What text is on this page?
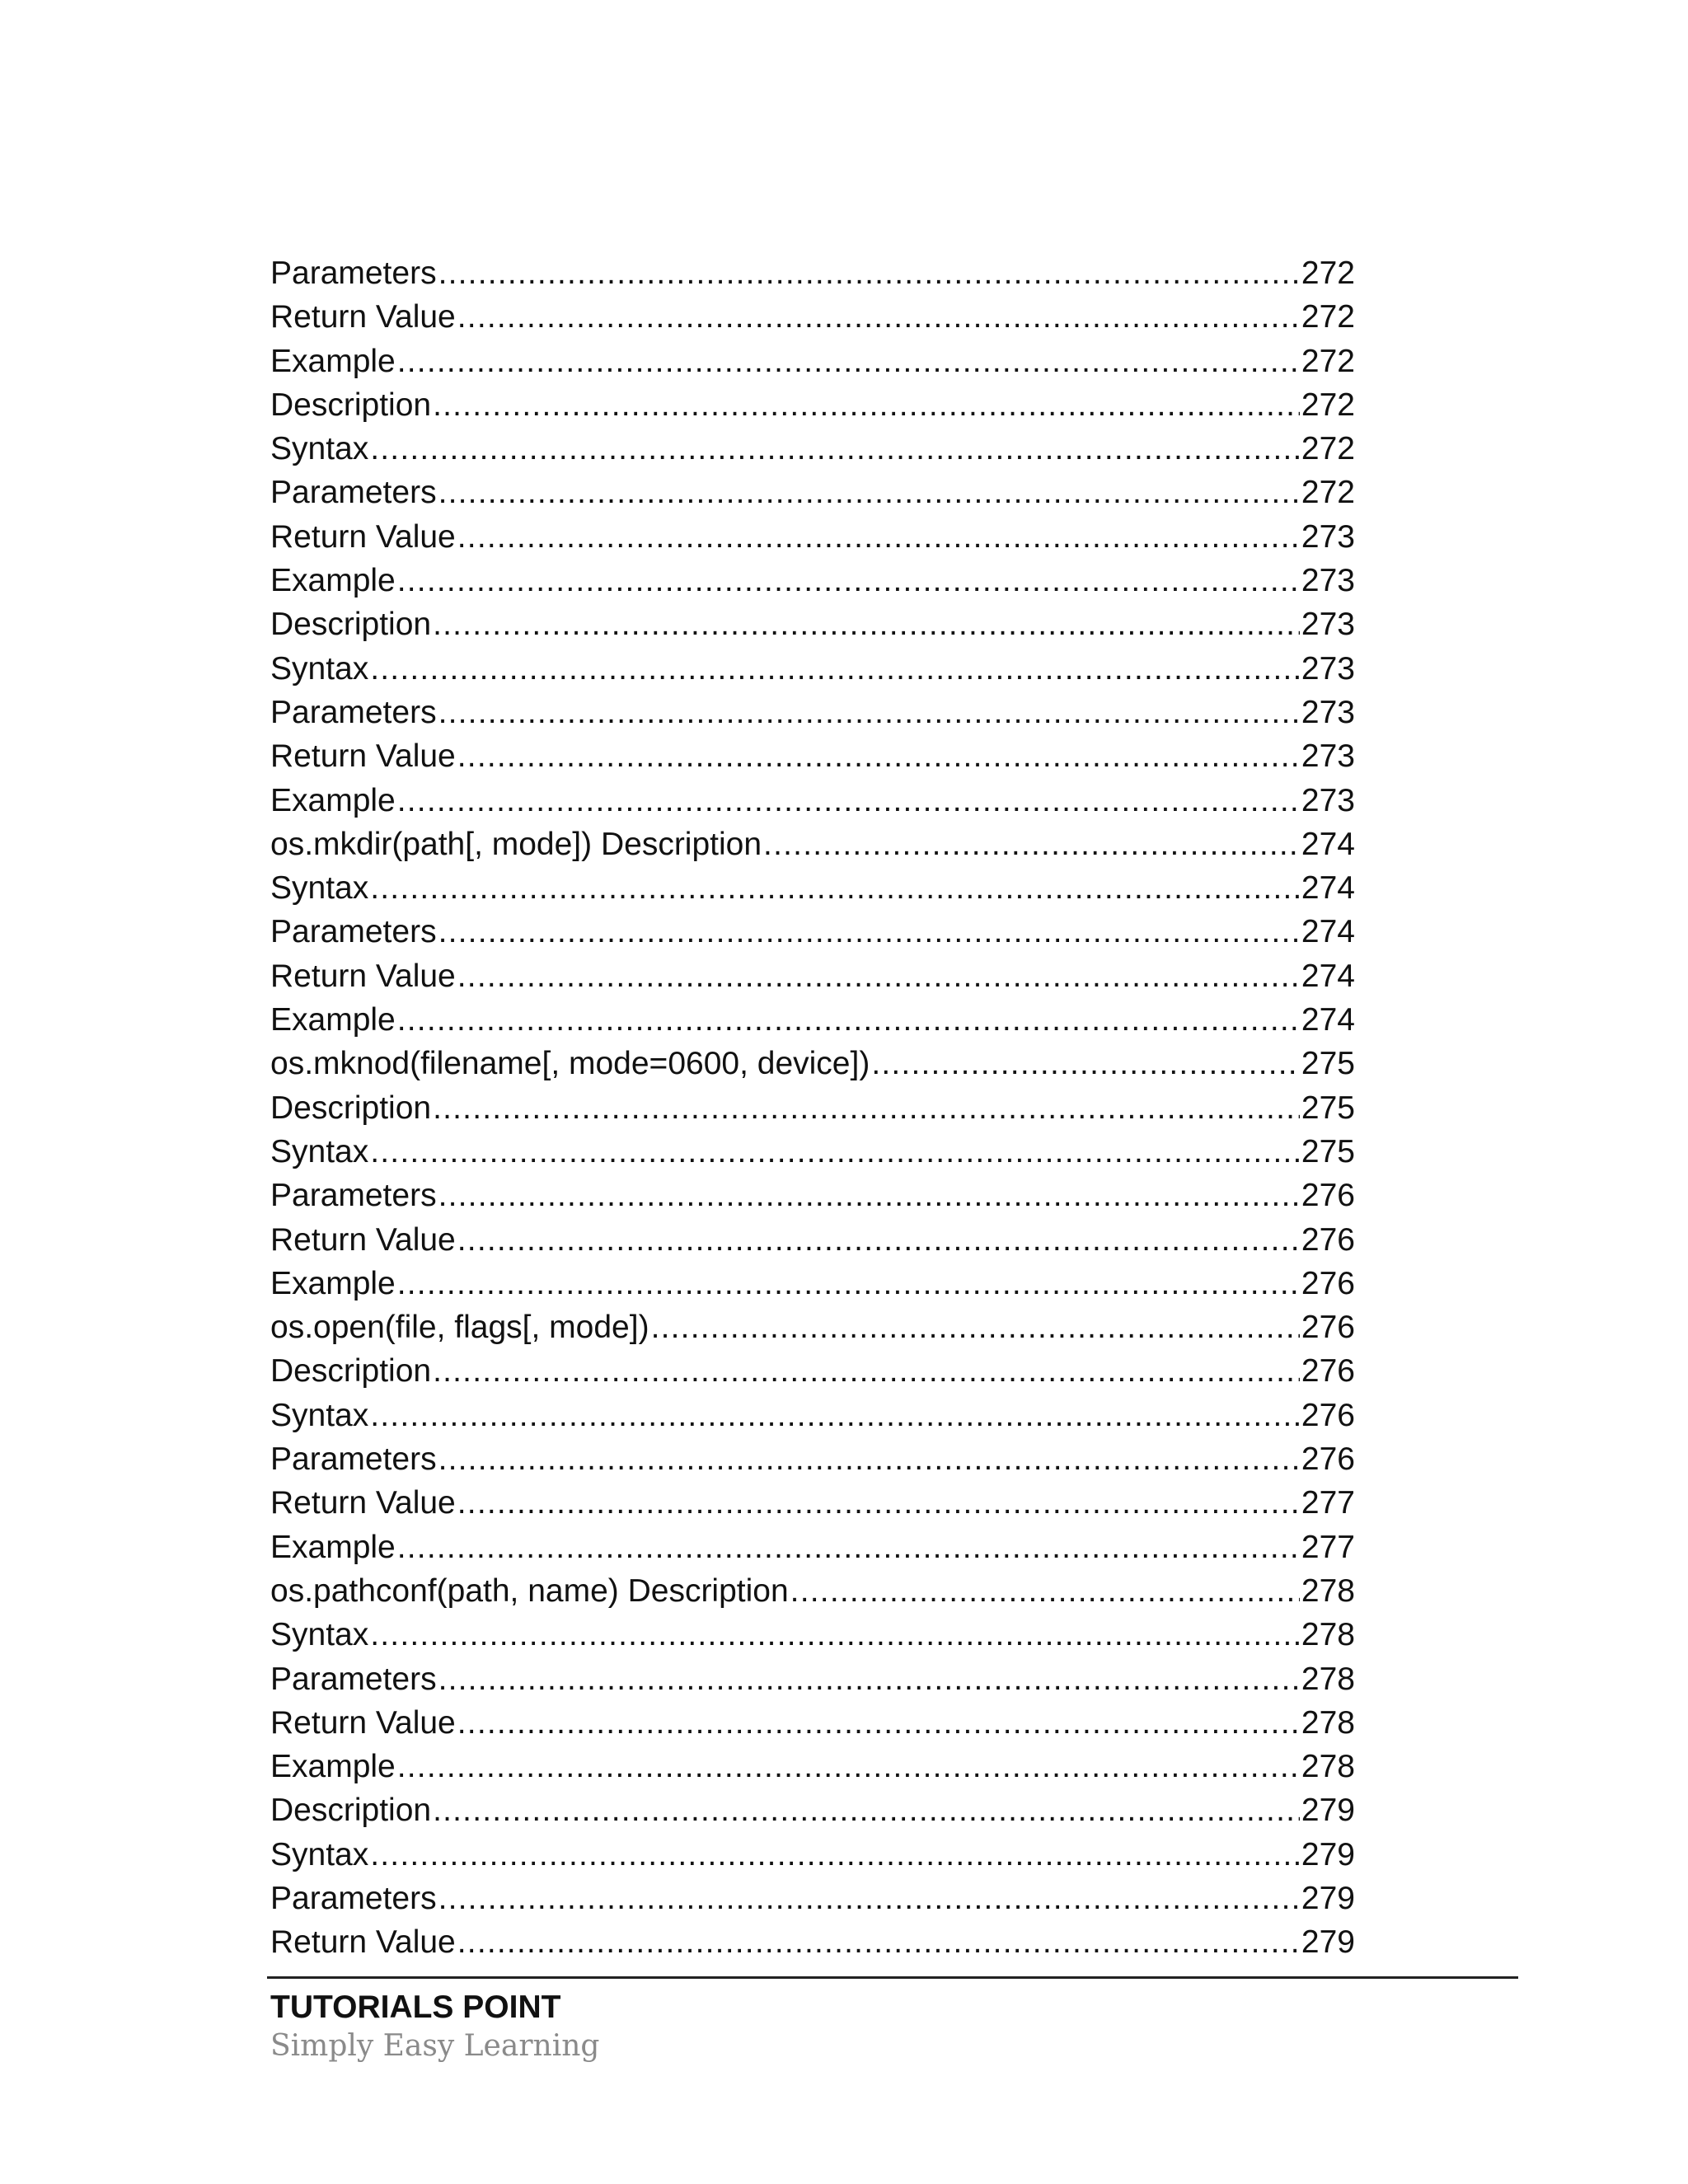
Parameters .....	272
Return Value .....	272
Example .....	272
Description .....	272
Syntax .....	272
Parameters .....	272
Return Value .....	273
Example .....	273
Description .....	273
Syntax .....	273
Parameters .....	273
Return Value .....	273
Example .....	273
os.mkdir(path[, mode]) Description .....	274
Syntax .....	274
Parameters .....	274
Return Value .....	274
Example .....	274
os.mknod(filename[, mode=0600, device]) .....	275
Description .....	275
Syntax .....	275
Parameters .....	276
Return Value .....	276
Example .....	276
os.open(file, flags[, mode]) .....	276
Description .....	276
Syntax .....	276
Parameters .....	276
Return Value .....	277
Example .....	277
os.pathconf(path, name) Description .....	278
Syntax .....	278
Parameters .....	278
Return Value .....	278
Example .....	278
Description .....	279
Syntax .....	279
Parameters .....	279
Return Value .....	279
TUTORIALS POINT
Simply Easy Learning
